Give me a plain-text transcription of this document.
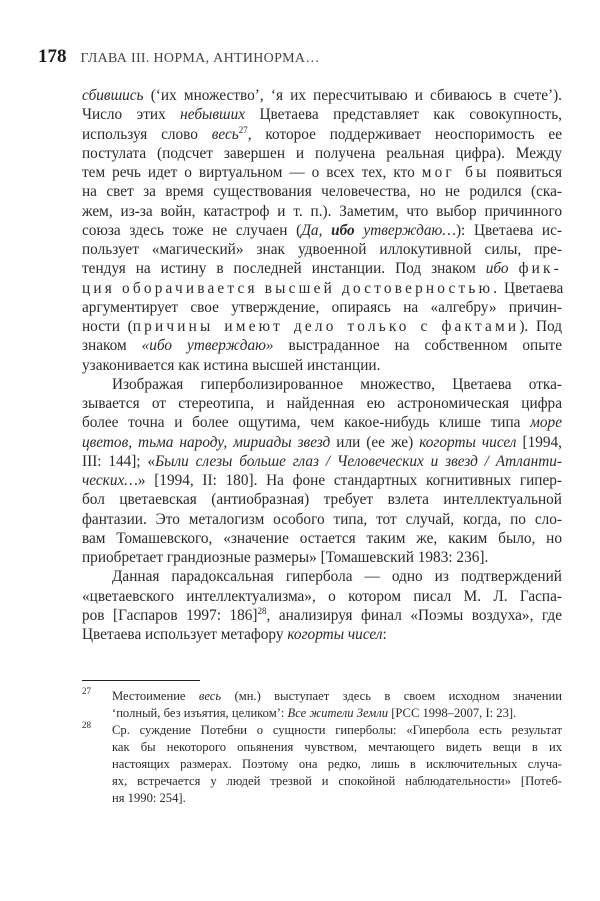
178 ГЛАВА III. НОРМА, АНТИНОРМА…
сбившись (‘их множество’, ‘я их пересчитываю и сбиваюсь в счете’).
Число этих небывших Цветаева представляет как совокупность,
используя слово весь$^{27}$, которое поддерживает неоспоримость ее
постулата (подсчет завершен и получена реальная цифра). Между
тем речь идет о виртуальном — о всех тех, кто мог бы появиться
на свет за время существования человечества, но не родился (ска-
жем, из-за войн, катастроф и т. п.). Заметим, что выбор причинного
союза здесь тоже не случаен (Да, ибо утверждаю…): Цветаева ис-
пользует «магический» знак удвоенной иллокутивной силы, пре-
тендуя на истину в последней инстанции. Под знаком ибо фик-
ция оборачивается высшей достоверностью. Цветаева
аргументирует свое утверждение, опираясь на «алгебру» причин-
ности (причины имеют дело только с фактами). Под
знаком «ибо утверждаю» выстраданное на собственном опыте
узаконивается как истина высшей инстанции.
Изображая гиперболизированное множество, Цветаева отка-
зывается от стереотипа, и найденная ею астрономическая цифра
более точна и более ощутима, чем какое-нибудь клише типа море
цветов, тьма народу, мириады звезд или (ее же) когорты чисел [1994,
III: 144]; «Были слезы больше глаз / Человеческих и звезд / Атланти-
ческих…» [1994, II: 180]. На фоне стандартных когнитивных гипер-
бол цветаевская (антиобразная) требует взлета интеллектуальной
фантазии. Это металогизм особого типа, тот случай, когда, по сло-
вам Томашевского, «значение остается таким же, каким было, но
приобретает грандиозные размеры» [Томашевский 1983: 236].
Данная парадоксальная гипербола — одно из подтверждений
«цветаевского интеллектуализма», о котором писал М. Л. Гаспа-
ров [Гаспаров 1997: 186]$^{28}$, анализируя финал «Поэмы воздуха», где
Цветаева использует метафору когорты чисел:
27 Местоимение весь (мн.) выступает здесь в своем исходном значении
‘полный, без изъятия, целиком’: Все жители Земли [РСС 1998–2007, I: 23].
28 Ср. суждение Потебни о сущности гиперболы: «Гипербола есть результат
как бы некоторого опьянения чувством, мечтающего видеть вещи в их
настоящих размерах. Поэтому она редко, лишь в исключительных случа-
ях, встречается у людей трезвой и спокойной наблюдательности» [Потеб-
ня 1990: 254].
